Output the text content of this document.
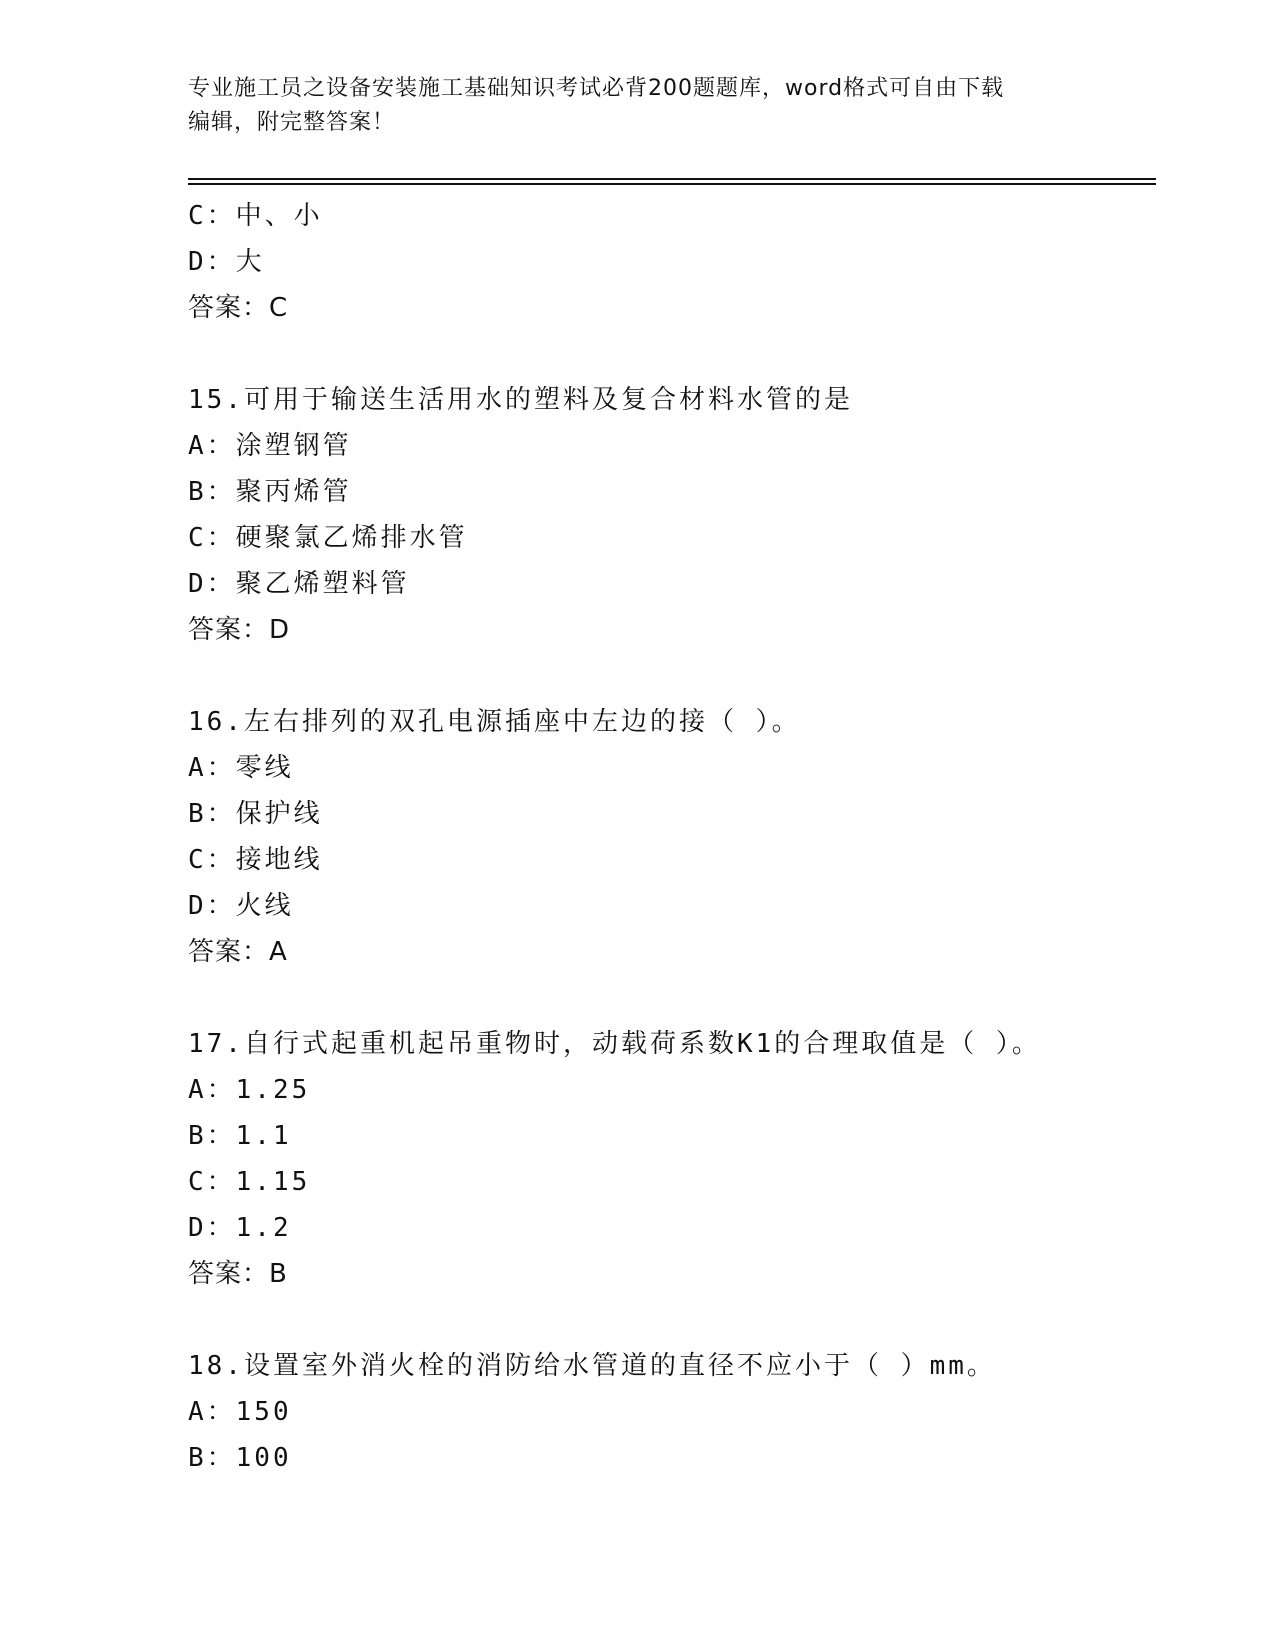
专业施工员之设备安装施工基础知识考试必背200题题库，word格式可自由下载
编辑，附完整答案！
C：中、小
D：大
答案：C
15.可用于输送生活用水的塑料及复合材料水管的是
A：涂塑钢管
B：聚丙烯管
C：硬聚氯乙烯排水管
D：聚乙烯塑料管
答案：D
16.左右排列的双孔电源插座中左边的接（ ）。
A：零线
B：保护线
C：接地线
D：火线
答案：A
17.自行式起重机起吊重物时，动载荷系数K1的合理取值是（ ）。
A：1.25
B：1.1
C：1.15
D：1.2
答案：B
18.设置室外消火栓的消防给水管道的直径不应小于（ ）mm。
A：150
B：100
